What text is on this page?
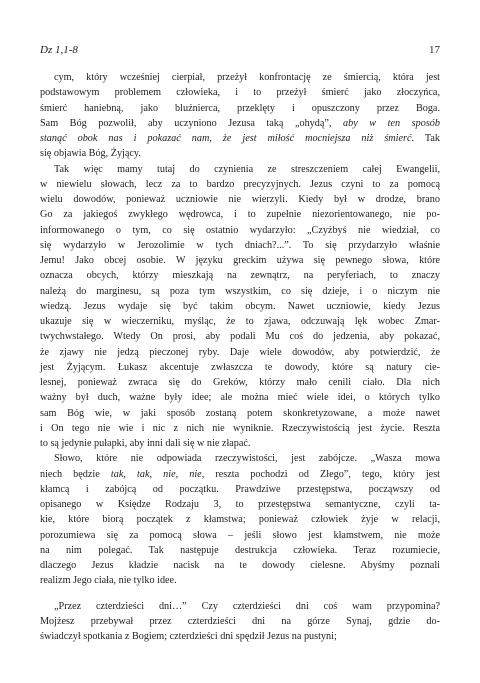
Dz 1,1-8	17

cym, który wcześniej cierpiał, przeżył konfrontację ze śmiercią, która jest
podstawowym problemem człowieka, i to przeżył śmierć jako złoczyńca,
śmierć haniebną, jako bluźnierca, przeklęty i opuszczony przez Boga.
Sam Bóg pozwolił, aby uczyniono Jezusa taką „ohydą”, aby w ten sposób
stanąć obok nas i pokazać nam, że jest miłość mocniejsza niż śmierć. Tak
się objawia Bóg, Żyjący.

Tak więc mamy tutaj do czynienia ze streszczeniem całej Ewangelii,
w niewielu słowach, lecz za to bardzo precyzyjnych. Jezus czyni to za pomocą
wielu dowodów, ponieważ uczniowie nie wierzyli. Kiedy był w drodze, brano
Go za jakiegoś zwykłego wędrowca, i to zupełnie niezorientowanego, nie po-
informowanego o tym, co się ostatnio wydarzyło: „Czyżbyś nie wiedział, co
się wydarzyło w Jerozolimie w tych dniach?...”. To się przydarzyło właśnie
Jemu! Jako obcej osobie. W języku greckim używa się pewnego słowa, które
oznacza obcych, którzy mieszkają na zewnątrz, na peryferiach, to znaczy
należą do marginesu, są poza tym wszystkim, co się dzieje, i o niczym nie
wiedzą. Jezus wydaje się być takim obcym. Nawet uczniowie, kiedy Jezus
ukazuje się w wieczerniku, myśląc, że to zjawa, odczuwają lęk wobec Zmar-
twychwstałego. Wtedy On prosi, aby podali Mu coś do jedzenia, aby pokazać,
że zjawy nie jedzą pieczonej ryby. Daje wiele dowodów, aby potwierdzić, że
jest Żyjącym. Łukasz akcentuje zwłaszcza te dowody, które są natury cie-
lesnej, ponieważ zwraca się do Greków, którzy mało cenili ciało. Dla nich
ważny był duch, ważne były idee; ale można mieć wiele idei, o których tylko
sam Bóg wie, w jaki sposób zostaną potem skonkretyzowane, a może nawet
i On tego nie wie i nic z nich nie wyniknie. Rzeczywistością jest życie. Reszta
to są jedynie pułapki, aby inni dali się w nie złapać.

Słowo, które nie odpowiada rzeczywistości, jest zabójcze. „Wasza mowa
niech będzie tak, tak, nie, nie, reszta pochodzi od Złego”, tego, który jest
kłamcą i zabójcą od początku. Prawdziwe przestępstwa, począwszy od
opisanego w Księdze Rodzaju 3, to przestępstwa semantyczne, czyli ta-
kie, które biorą początek z kłamstwa; ponieważ człowiek żyje w relacji,
porozumiewa się za pomocą słowa – jeśli słowo jest kłamstwem, nie może
na nim polegać. Tak następuje destrukcja człowieka. Teraz rozumiecie,
dlaczego Jezus kładzie nacisk na te dowody cielesne. Abyśmy poznali
realizm Jego ciała, nie tylko idee.

„Przez czterdzieści dni…” Czy czterdzieści dni coś wam przypomina?
Mojżesz przebywał przez czterdzieści dni na górze Synaj, gdzie do-
świadczył spotkania z Bogiem; czterdzieści dni spędził Jezus na pustyni;
